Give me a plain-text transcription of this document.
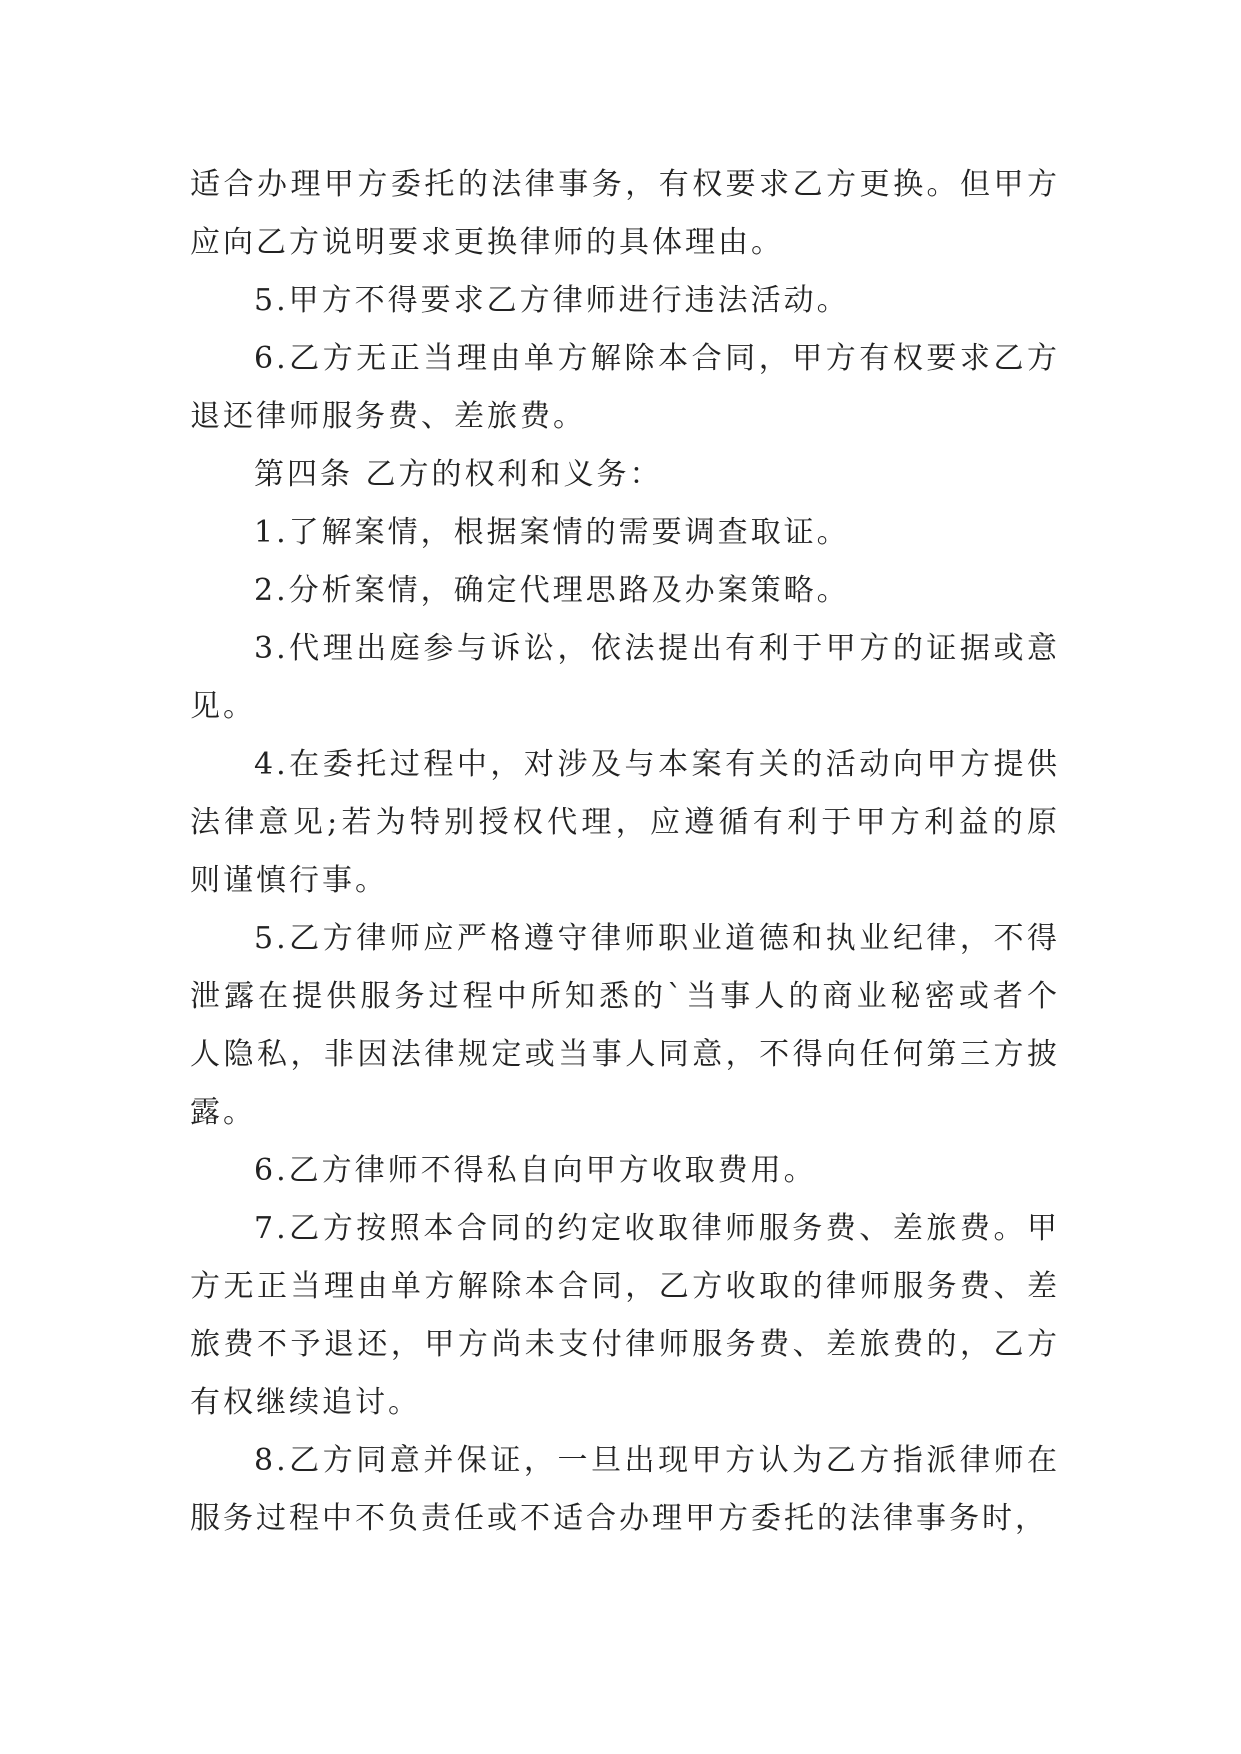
适合办理甲方委托的法律事务，有权要求乙方更换。但甲方应向乙方说明要求更换律师的具体理由。

5.甲方不得要求乙方律师进行违法活动。

6.乙方无正当理由单方解除本合同，甲方有权要求乙方退还律师服务费、差旅费。

第四条 乙方的权利和义务：

1.了解案情，根据案情的需要调查取证。

2.分析案情，确定代理思路及办案策略。

3.代理出庭参与诉讼，依法提出有利于甲方的证据或意见。

4.在委托过程中，对涉及与本案有关的活动向甲方提供法律意见;若为特别授权代理，应遵循有利于甲方利益的原则谨慎行事。

5.乙方律师应严格遵守律师职业道德和执业纪律，不得泄露在提供服务过程中所知悉的`当事人的商业秘密或者个人隐私，非因法律规定或当事人同意，不得向任何第三方披露。

6.乙方律师不得私自向甲方收取费用。

7.乙方按照本合同的约定收取律师服务费、差旅费。甲方无正当理由单方解除本合同，乙方收取的律师服务费、差旅费不予退还，甲方尚未支付律师服务费、差旅费的，乙方有权继续追讨。

8.乙方同意并保证，一旦出现甲方认为乙方指派律师在服务过程中不负责任或不适合办理甲方委托的法律事务时，
